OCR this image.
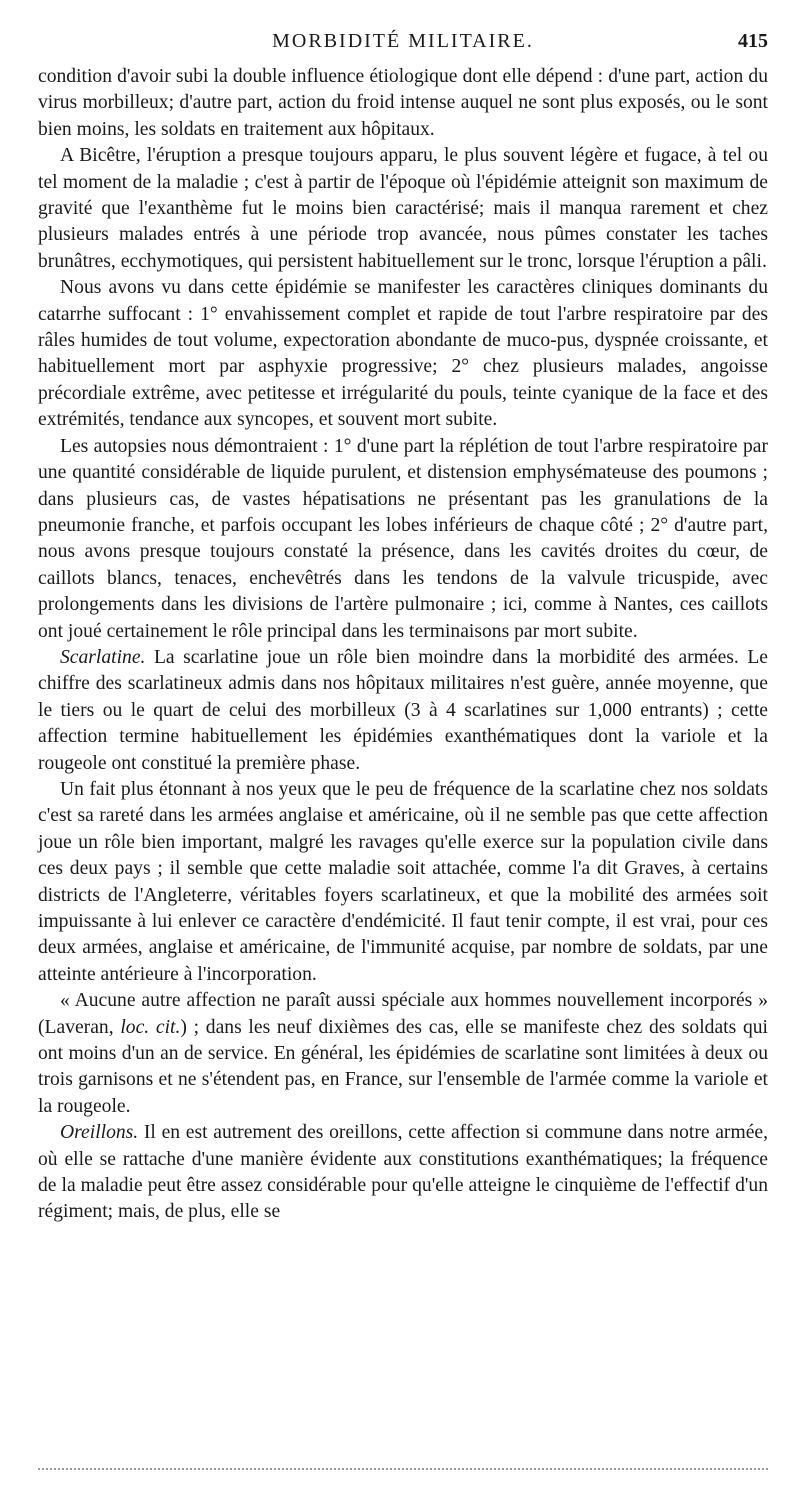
MORBIDITÉ MILITAIRE.	415

condition d'avoir subi la double influence étiologique dont elle dépend : d'une part, action du virus morbilleux; d'autre part, action du froid intense auquel ne sont plus exposés, ou le sont bien moins, les soldats en traitement aux hôpitaux.

A Bicêtre, l'éruption a presque toujours apparu, le plus souvent légère et fugace, à tel ou tel moment de la maladie ; c'est à partir de l'époque où l'épidémie atteignit son maximum de gravité que l'exanthème fut le moins bien caractérisé; mais il manqua rarement et chez plusieurs malades entrés à une période trop avancée, nous pûmes constater les taches brunâtres, ecchymotiques, qui persistent habituellement sur le tronc, lorsque l'éruption a pâli.

Nous avons vu dans cette épidémie se manifester les caractères cliniques dominants du catarrhe suffocant : 1° envahissement complet et rapide de tout l'arbre respiratoire par des râles humides de tout volume, expectoration abondante de muco-pus, dyspnée croissante, et habituellement mort par asphyxie progressive; 2° chez plusieurs malades, angoisse précordiale extrême, avec petitesse et irrégularité du pouls, teinte cyanique de la face et des extrémités, tendance aux syncopes, et souvent mort subite.

Les autopsies nous démontraient : 1° d'une part la réplétion de tout l'arbre respiratoire par une quantité considérable de liquide purulent, et distension emphysémateuse des poumons ; dans plusieurs cas, de vastes hépatisations ne présentant pas les granulations de la pneumonie franche, et parfois occupant les lobes inférieurs de chaque côté ; 2° d'autre part, nous avons presque toujours constaté la présence, dans les cavités droites du cœur, de caillots blancs, tenaces, enchevêtrés dans les tendons de la valvule tricuspide, avec prolongements dans les divisions de l'artère pulmonaire ; ici, comme à Nantes, ces caillots ont joué certainement le rôle principal dans les terminaisons par mort subite.

Scarlatine. La scarlatine joue un rôle bien moindre dans la morbidité des armées. Le chiffre des scarlatineux admis dans nos hôpitaux militaires n'est guère, année moyenne, que le tiers ou le quart de celui des morbilleux (3 à 4 scarlatines sur 1,000 entrants) ; cette affection termine habituellement les épidémies exanthématiques dont la variole et la rougeole ont constitué la première phase.

Un fait plus étonnant à nos yeux que le peu de fréquence de la scarlatine chez nos soldats c'est sa rareté dans les armées anglaise et américaine, où il ne semble pas que cette affection joue un rôle bien important, malgré les ravages qu'elle exerce sur la population civile dans ces deux pays ; il semble que cette maladie soit attachée, comme l'a dit Graves, à certains districts de l'Angleterre, véritables foyers scarlatineux, et que la mobilité des armées soit impuissante à lui enlever ce caractère d'endémicité. Il faut tenir compte, il est vrai, pour ces deux armées, anglaise et américaine, de l'immunité acquise, par nombre de soldats, par une atteinte antérieure à l'incorporation.

« Aucune autre affection ne paraît aussi spéciale aux hommes nouvellement incorporés » (Laveran, loc. cit.) ; dans les neuf dixièmes des cas, elle se manifeste chez des soldats qui ont moins d'un an de service. En général, les épidémies de scarlatine sont limitées à deux ou trois garnisons et ne s'étendent pas, en France, sur l'ensemble de l'armée comme la variole et la rougeole.

Oreillons. Il en est autrement des oreillons, cette affection si commune dans notre armée, où elle se rattache d'une manière évidente aux constitutions exanthématiques; la fréquence de la maladie peut être assez considérable pour qu'elle atteigne le cinquième de l'effectif d'un régiment; mais, de plus, elle se
